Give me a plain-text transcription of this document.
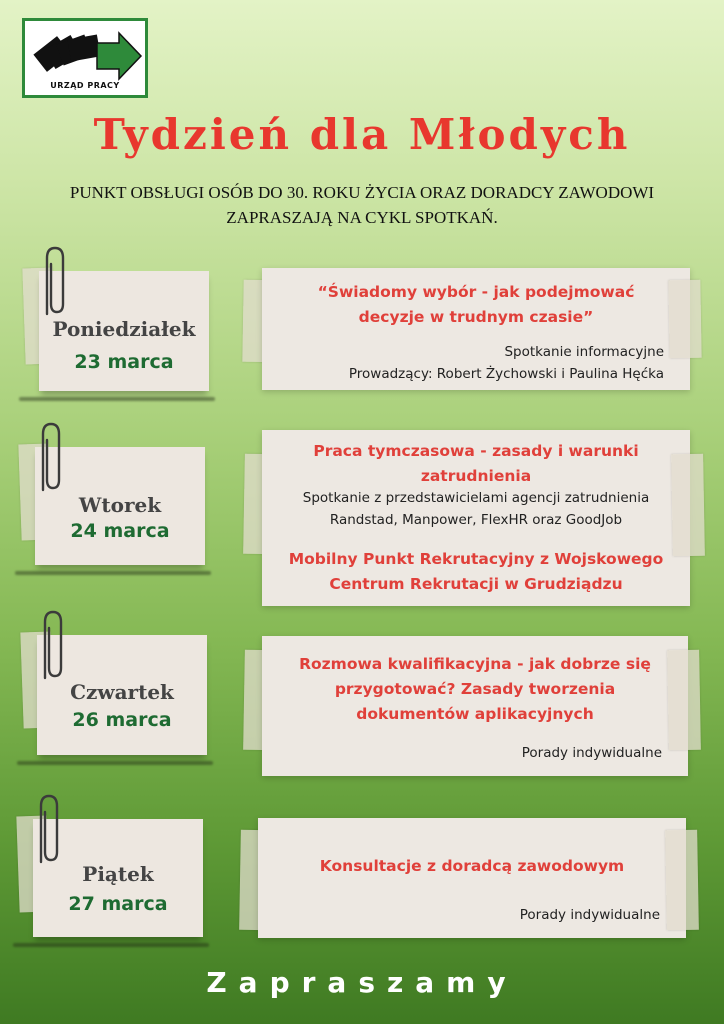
URZĄD PRACY
Tydzień dla Młodych
PUNKT OBSŁUGI OSÓB DO 30. ROKU ŻYCIA ORAZ DORADCY ZAWODOWI
ZAPRASZAJĄ NA CYKL SPOTKAŃ.
Poniedziałek
23 marca
“Świadomy wybór - jak podejmować
decyzje w trudnym czasie”
Spotkanie informacyjne
Prowadzący: Robert Żychowski i Paulina Hęćka
Wtorek
24 marca
Praca tymczasowa - zasady i warunki
zatrudnienia
Spotkanie z przedstawicielami agencji zatrudnienia
Randstad, Manpower, FlexHR oraz GoodJob
Mobilny Punkt Rekrutacyjny z Wojskowego
Centrum Rekrutacji w Grudziądzu
Czwartek
26 marca
Rozmowa kwalifikacyjna - jak dobrze się
przygotować? Zasady tworzenia
dokumentów aplikacyjnych
Porady indywidualne
Piątek
27 marca
Konsultacje z doradcą zawodowym
Porady indywidualne
Zapraszamy
